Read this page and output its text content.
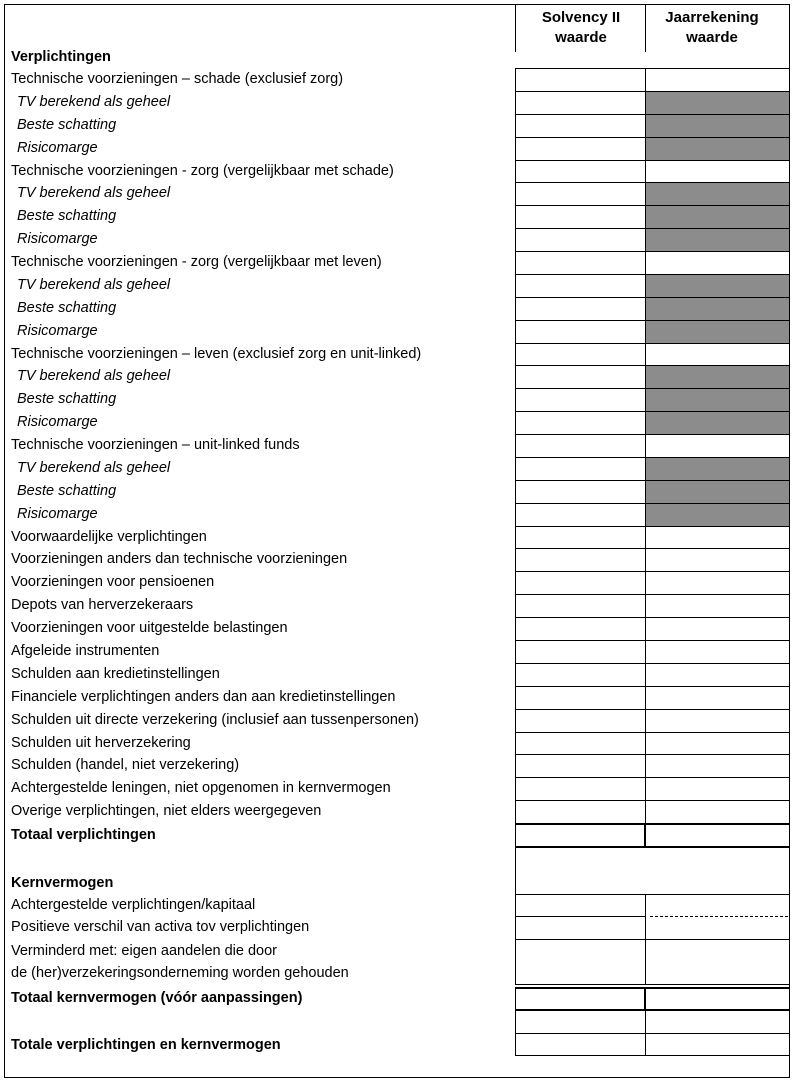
Solvency II waarde
Jaarrekening waarde
Verplichtingen
Technische voorzieningen – schade (exclusief zorg)
TV berekend als geheel
Beste schatting
Risicomarge
Technische voorzieningen - zorg (vergelijkbaar met schade)
TV berekend als geheel
Beste schatting
Risicomarge
Technische voorzieningen - zorg (vergelijkbaar met leven)
TV berekend als geheel
Beste schatting
Risicomarge
Technische voorzieningen – leven (exclusief zorg en unit-linked)
TV berekend als geheel
Beste schatting
Risicomarge
Technische voorzieningen – unit-linked funds
TV berekend als geheel
Beste schatting
Risicomarge
Voorwaardelijke verplichtingen
Voorzieningen anders dan technische voorzieningen
Voorzieningen voor pensioenen
Depots van herverzekeraars
Voorzieningen voor uitgestelde belastingen
Afgeleide instrumenten
Schulden aan kredietinstellingen
Financiele verplichtingen anders dan aan kredietinstellingen
Schulden uit directe verzekering (inclusief aan tussenpersonen)
Schulden uit herverzekering
Schulden (handel, niet verzekering)
Achtergestelde leningen, niet opgenomen in kernvermogen
Overige verplichtingen, niet elders weergegeven
Totaal verplichtingen
Kernvermogen
Achtergestelde verplichtingen/kapitaal
Positieve verschil van activa tov verplichtingen
Verminderd met: eigen aandelen die door
de (her)verzekeringsonderneming worden gehouden
Totaal kernvermogen (vóór aanpassingen)
Totale verplichtingen en kernvermogen
